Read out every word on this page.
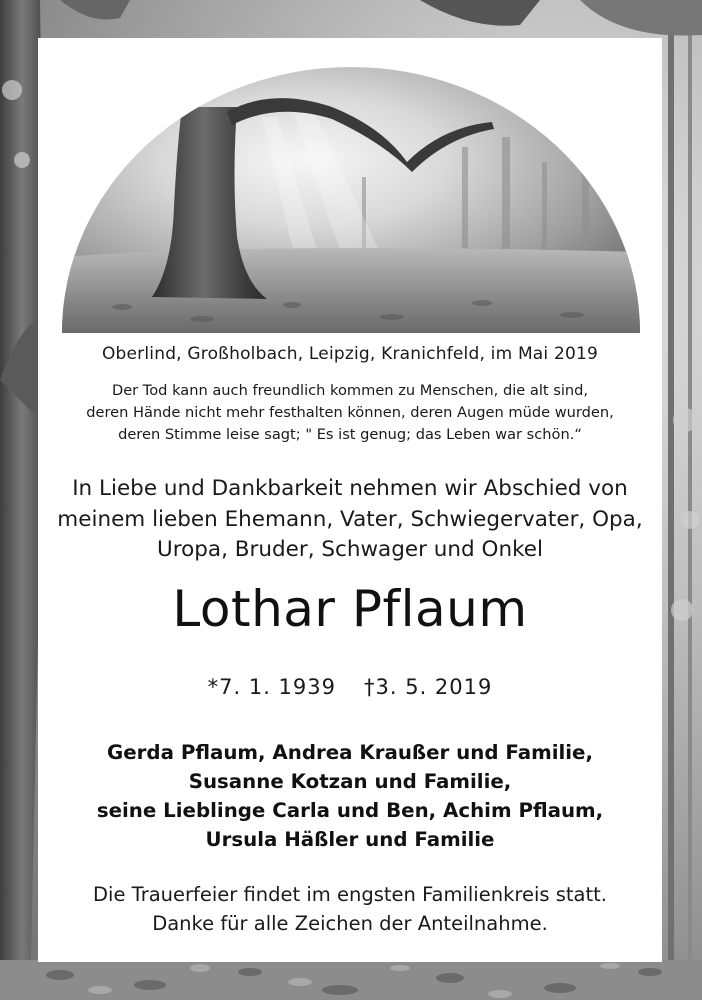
Oberlind, Großholbach, Leipzig, Kranichfeld, im Mai 2019
Der Tod kann auch freundlich kommen zu Menschen, die alt sind,
deren Hände nicht mehr festhalten können, deren Augen müde wurden,
deren Stimme leise sagt; " Es ist genug; das Leben war schön.“
In Liebe und Dankbarkeit nehmen wir Abschied von
meinem lieben Ehemann, Vater, Schwiegervater, Opa,
Uropa, Bruder, Schwager und Onkel
Lothar Pflaum
*7. 1. 1939 †3. 5. 2019
Gerda Pflaum, Andrea Kraußer und Familie,
Susanne Kotzan und Familie,
seine Lieblinge Carla und Ben, Achim Pflaum,
Ursula Häßler und Familie
Die Trauerfeier findet im engsten Familienkreis statt.
Danke für alle Zeichen der Anteilnahme.
